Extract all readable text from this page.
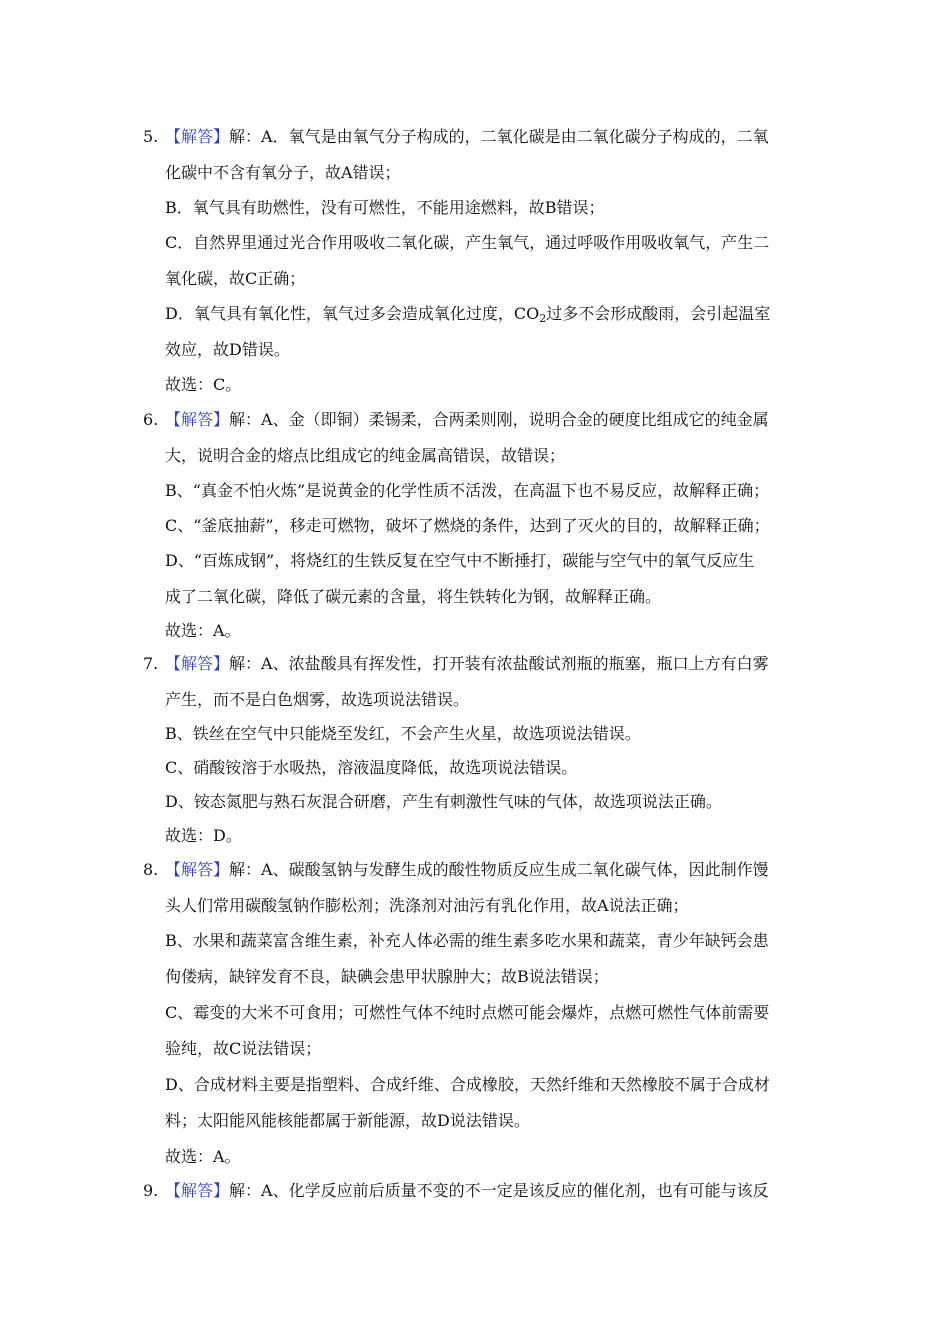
5. 【解答】解：A．氧气是由氧气分子构成的，二氧化碳是由二氧化碳分子构成的，二氧
化碳中不含有氧分子，故A错误；
B．氧气具有助燃性，没有可燃性，不能用途燃料，故B错误；
C．自然界里通过光合作用吸收二氧化碳，产生氧气，通过呼吸作用吸收氧气，产生二
氧化碳，故C正确；
D．氧气具有氧化性，氧气过多会造成氧化过度，$CO_2$过多不会形成酸雨，会引起温室
效应，故D错误。
故选：C。
6. 【解答】解：A、金（即铜）柔锡柔，合两柔则刚，说明合金的硬度比组成它的纯金属
大，说明合金的熔点比组成它的纯金属高错误，故错误；
B、“真金不怕火炼”是说黄金的化学性质不活泼，在高温下也不易反应，故解释正确；
C、“釜底抽薪”，移走可燃物，破坏了燃烧的条件，达到了灭火的目的，故解释正确；
D、“百炼成钢”，将烧红的生铁反复在空气中不断捶打，碳能与空气中的氧气反应生
成了二氧化碳，降低了碳元素的含量，将生铁转化为钢，故解释正确。
故选：A。
7. 【解答】解：A、浓盐酸具有挥发性，打开装有浓盐酸试剂瓶的瓶塞，瓶口上方有白雾
产生，而不是白色烟雾，故选项说法错误。
B、铁丝在空气中只能烧至发红，不会产生火星，故选项说法错误。
C、硝酸铵溶于水吸热，溶液温度降低，故选项说法错误。
D、铵态氮肥与熟石灰混合研磨，产生有刺激性气味的气体，故选项说法正确。
故选：D。
8. 【解答】解：A、碳酸氢钠与发酵生成的酸性物质反应生成二氧化碳气体，因此制作馒
头人们常用碳酸氢钠作膨松剂；洗涤剂对油污有乳化作用，故A说法正确；
B、水果和蔬菜富含维生素，补充人体必需的维生素多吃水果和蔬菜，青少年缺钙会患
佝偻病，缺锌发育不良，缺碘会患甲状腺肿大；故B说法错误；
C、霉变的大米不可食用；可燃性气体不纯时点燃可能会爆炸，点燃可燃性气体前需要
验纯，故C说法错误；
D、合成材料主要是指塑料、合成纤维、合成橡胶，天然纤维和天然橡胶不属于合成材
料；太阳能风能核能都属于新能源，故D说法错误。
故选：A。
9. 【解答】解：A、化学反应前后质量不变的不一定是该反应的催化剂，也有可能与该反
